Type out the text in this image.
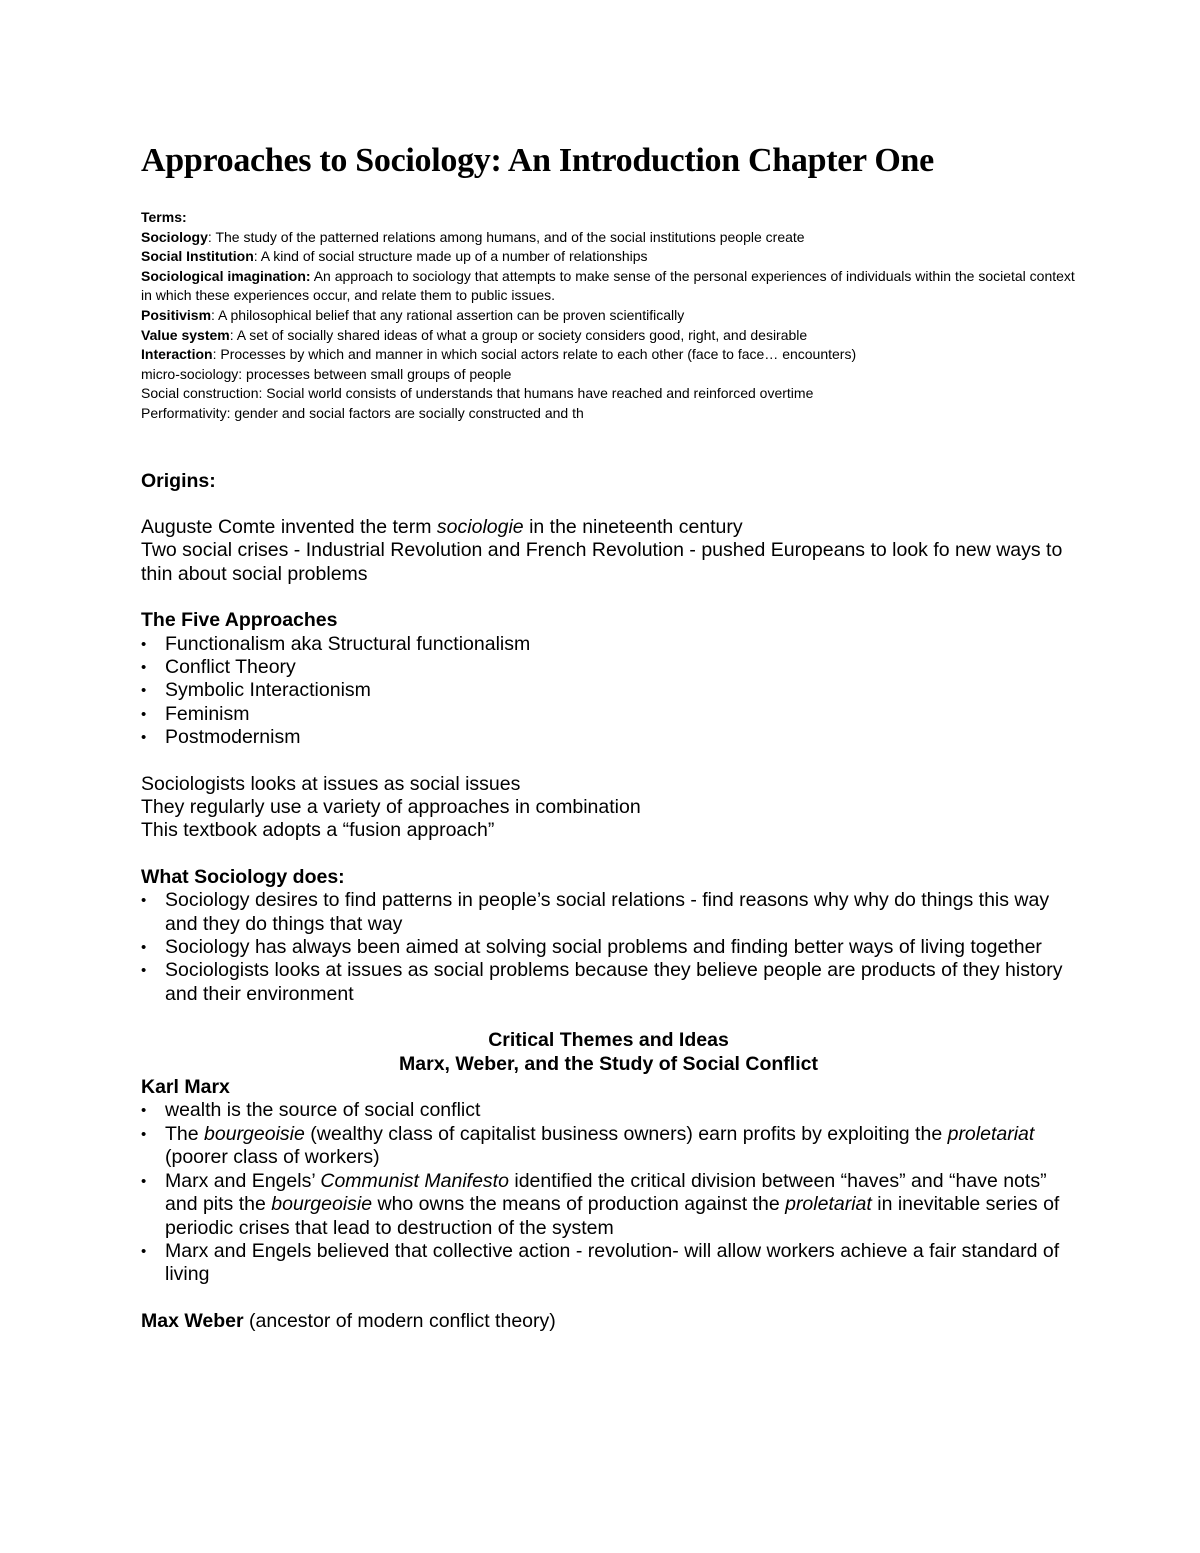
Approaches to Sociology: An Introduction Chapter One
Terms:
Sociology: The study of the patterned relations among humans, and of the social institutions people create
Social Institution: A kind of social structure made up of a number of relationships
Sociological imagination: An approach to sociology that attempts to make sense of the personal experiences of individuals within the societal context in which these experiences occur, and relate them to public issues.
Positivism: A philosophical belief that any rational assertion can be proven scientifically
Value system: A set of socially shared ideas of what a group or society considers good, right, and desirable
Interaction: Processes by which and manner in which social actors relate to each other (face to face… encounters)
micro-sociology: processes between small groups of people
Social construction: Social world consists of understands that humans have reached and reinforced overtime
Performativity: gender and social factors are socially constructed and th
Origins:
Auguste Comte invented the term sociologie in the nineteenth century
Two social crises - Industrial Revolution and French Revolution - pushed Europeans to look fo new ways to thin about social problems
The Five Approaches
• Functionalism aka Structural functionalism
• Conflict Theory
• Symbolic Interactionism
• Feminism
• Postmodernism
Sociologists looks at issues as social issues
They regularly use a variety of approaches in combination
This textbook adopts a “fusion approach”
What Sociology does:
• Sociology desires to find patterns in people’s social relations - find reasons why why do things this way and they do things that way
• Sociology has always been aimed at solving social problems and finding better ways of living together
• Sociologists looks at issues as social problems because they believe people are products of they history and their environment
Critical Themes and Ideas
Marx, Weber, and the Study of Social Conflict
Karl Marx
• wealth is the source of social conflict
• The bourgeoisie (wealthy class of capitalist business owners) earn profits by exploiting the proletariat (poorer class of workers)
• Marx and Engels’ Communist Manifesto identified the critical division between “haves” and “have nots” and pits the bourgeoisie who owns the means of production against the proletariat in inevitable series of periodic crises that lead to destruction of the system
• Marx and Engels believed that collective action - revolution- will allow workers achieve a fair standard of living
Max Weber (ancestor of modern conflict theory)
